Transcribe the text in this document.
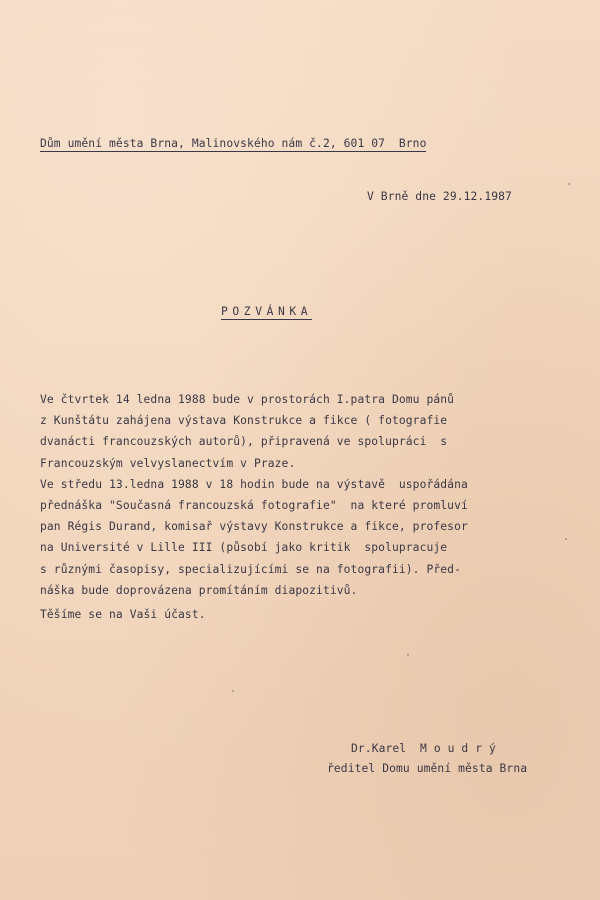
Dům umění města Brna, Malinovského nám č.2, 601 07  Brno
V Brně dne 29.12.1987
POZVÁNKA
Ve čtvrtek 14 ledna 1988 bude v prostorách I.patra Domu pánů
z Kunštátu zahájena výstava Konstrukce a fikce ( fotografie
dvanácti francouzských autorů), připravená ve spolupráci  s
Francouzským velvyslanectvím v Praze.
Ve středu 13.ledna 1988 v 18 hodin bude na výstavě  uspořádána
přednáška "Současná francouzská fotografie"  na které promluví
pan Régis Durand, komisař výstavy Konstrukce a fikce, profesor
na Université v Lille III (působí jako kritik  spolupracuje
s různými časopisy, specializujícími se na fotografii). Před-
náška bude doprovázena promítáním diapozitivů.
Těšíme se na Vaši účast.
Dr.Karel  M o u d r ý
ředitel Domu umění města Brna
